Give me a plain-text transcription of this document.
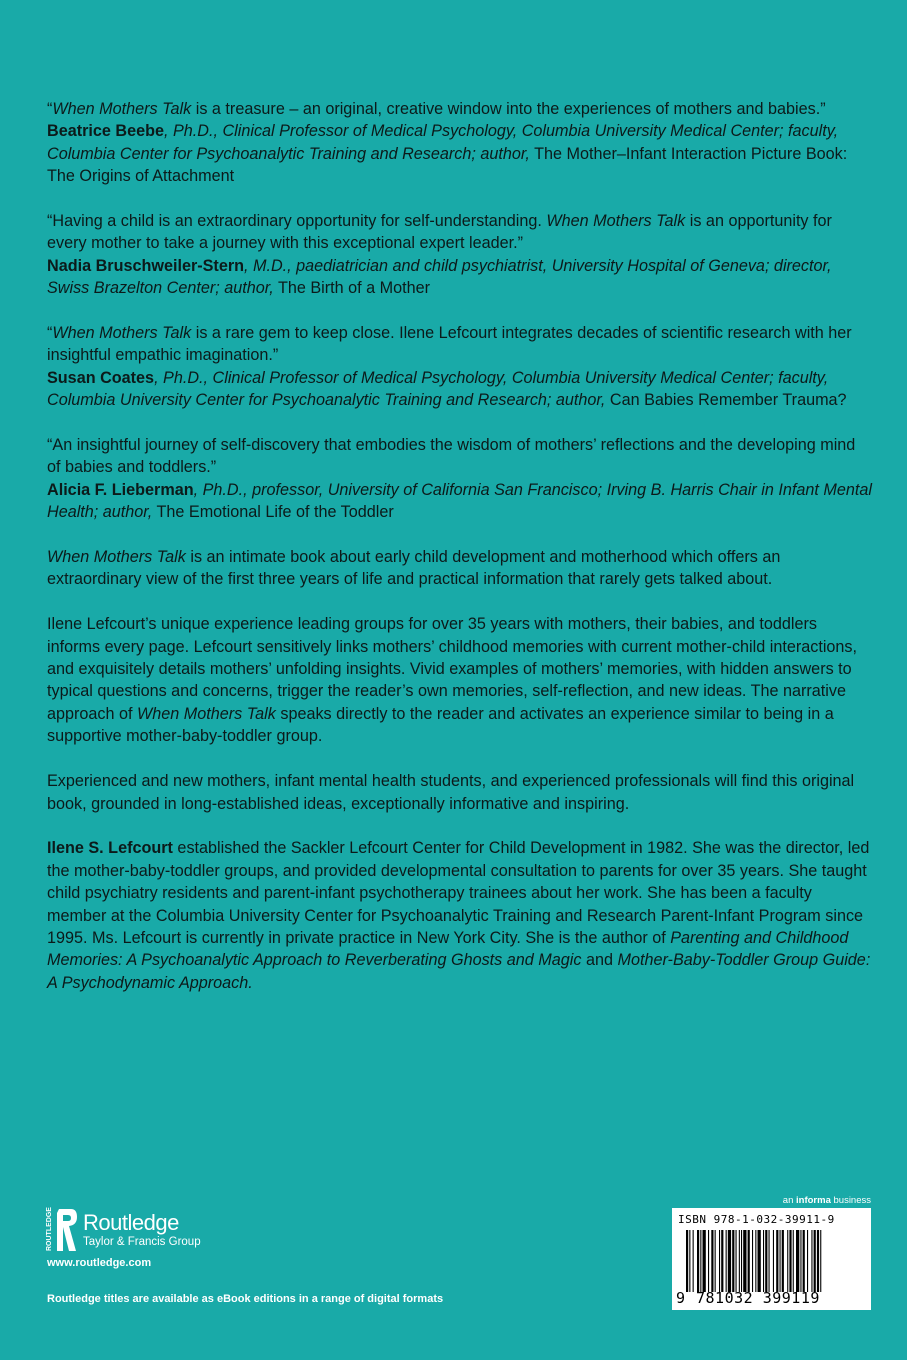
“When Mothers Talk is a treasure – an original, creative window into the experiences of mothers and babies.”

Beatrice Beebe, Ph.D., Clinical Professor of Medical Psychology, Columbia University Medical Center; faculty, Columbia Center for Psychoanalytic Training and Research; author, The Mother–Infant Interaction Picture Book: The Origins of Attachment

“Having a child is an extraordinary opportunity for self-understanding. When Mothers Talk is an opportunity for every mother to take a journey with this exceptional expert leader.”

Nadia Bruschweiler-Stern, M.D., paediatrician and child psychiatrist, University Hospital of Geneva; director, Swiss Brazelton Center; author, The Birth of a Mother

“When Mothers Talk is a rare gem to keep close. Ilene Lefcourt integrates decades of scientific research with her insightful empathic imagination.”

Susan Coates, Ph.D., Clinical Professor of Medical Psychology, Columbia University Medical Center; faculty, Columbia University Center for Psychoanalytic Training and Research; author, Can Babies Remember Trauma?

“An insightful journey of self-discovery that embodies the wisdom of mothers’ reflections and the developing mind of babies and toddlers.”

Alicia F. Lieberman, Ph.D., professor, University of California San Francisco; Irving B. Harris Chair in Infant Mental Health; author, The Emotional Life of the Toddler

When Mothers Talk is an intimate book about early child development and motherhood which offers an extraordinary view of the first three years of life and practical information that rarely gets talked about.

Ilene Lefcourt’s unique experience leading groups for over 35 years with mothers, their babies, and toddlers informs every page. Lefcourt sensitively links mothers’ childhood memories with current mother-child interactions, and exquisitely details mothers’ unfolding insights. Vivid examples of mothers’ memories, with hidden answers to typical questions and concerns, trigger the reader’s own memories, self-reflection, and new ideas. The narrative approach of When Mothers Talk speaks directly to the reader and activates an experience similar to being in a supportive mother-baby-toddler group.

Experienced and new mothers, infant mental health students, and experienced professionals will find this original book, grounded in long-established ideas, exceptionally informative and inspiring.

Ilene S. Lefcourt established the Sackler Lefcourt Center for Child Development in 1982. She was the director, led the mother-baby-toddler groups, and provided developmental consultation to parents for over 35 years. She taught child psychiatry residents and parent-infant psychotherapy trainees about her work. She has been a faculty member at the Columbia University Center for Psychoanalytic Training and Research Parent-Infant Program since 1995. Ms. Lefcourt is currently in private practice in New York City. She is the author of Parenting and Childhood Memories: A Psychoanalytic Approach to Reverberating Ghosts and Magic and Mother-Baby-Toddler Group Guide: A Psychodynamic Approach.

ROUTLEDGE Routledge
Taylor & Francis Group
www.routledge.com
Routledge titles are available as eBook editions in a range of digital formats
an informa business
ISBN 978-1-032-39911-9
9 781032 399119
